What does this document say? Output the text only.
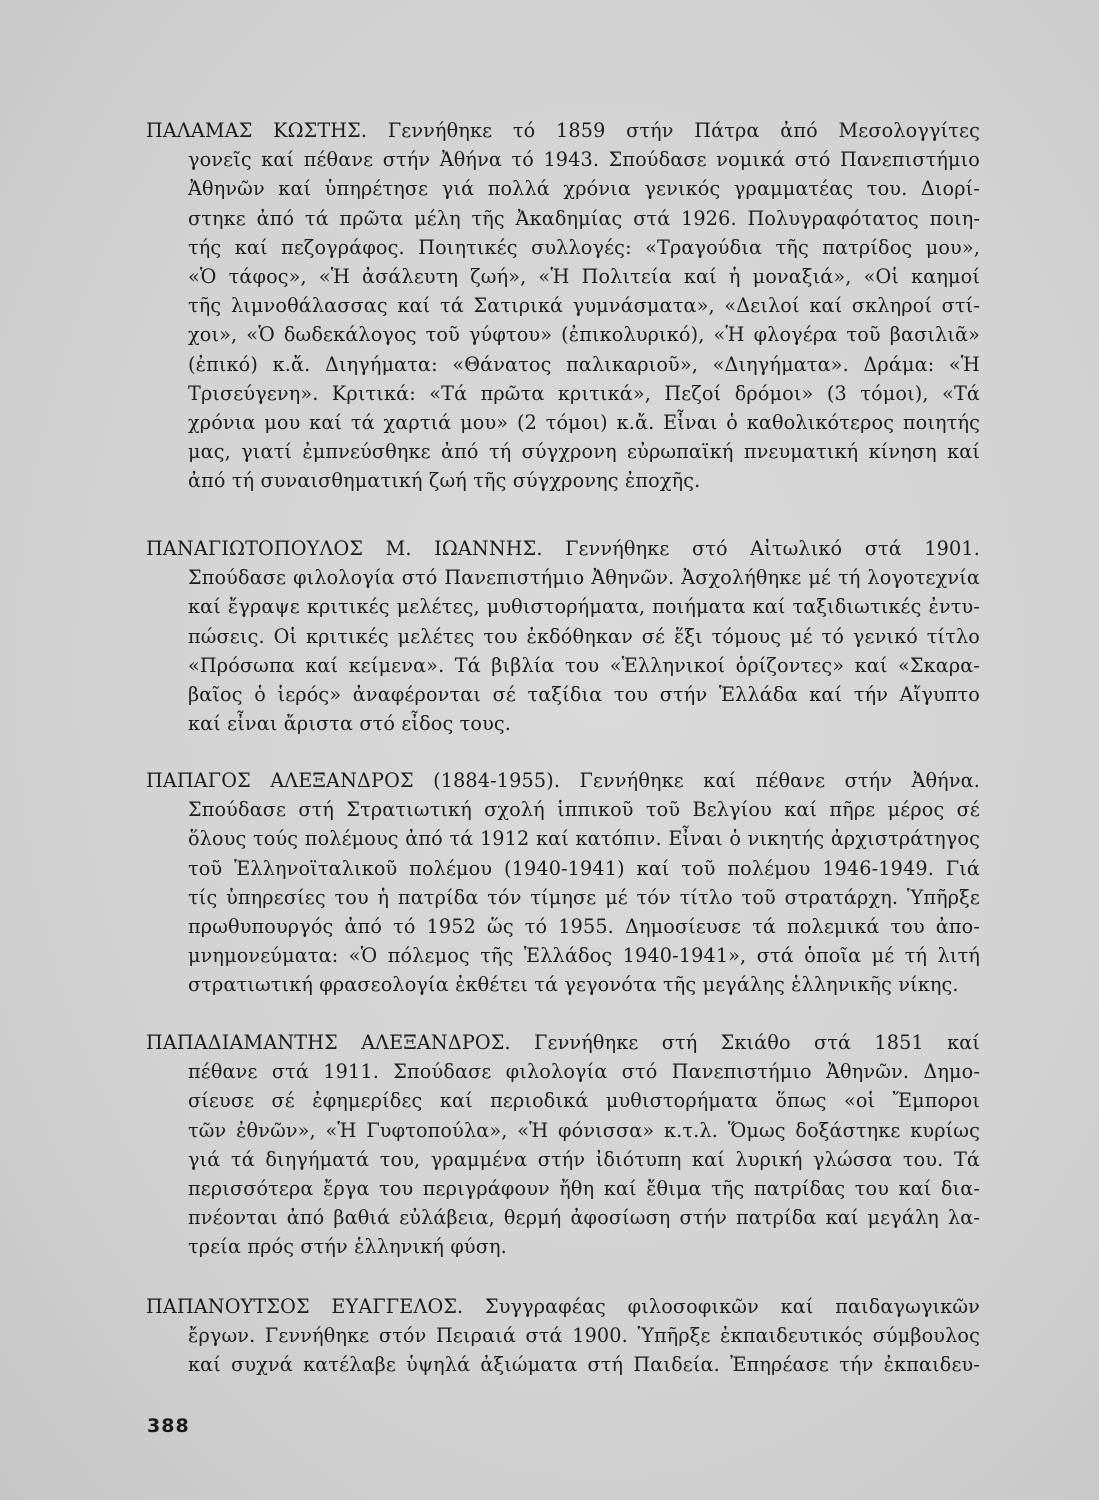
ΠΑΛΑΜΑΣ ΚΩΣΤΗΣ. Γεννήθηκε τό 1859 στήν Πάτρα ἀπό Μεσολογγίτες
γονεῖς καί πέθανε στήν Ἀθήνα τό 1943. Σπούδασε νομικά στό Πανεπιστήμιο
Ἀθηνῶν καί ὑπηρέτησε γιά πολλά χρόνια γενικός γραμματέας του. Διορί-
στηκε ἀπό τά πρῶτα μέλη τῆς Ἀκαδημίας στά 1926. Πολυγραφότατος ποιη-
τής καί πεζογράφος. Ποιητικές συλλογές: «Τραγούδια τῆς πατρίδος μου»,
«Ὁ τάφος», «Ἡ ἀσάλευτη ζωή», «Ἡ Πολιτεία καί ἡ μοναξιά», «Οἱ καημοί
τῆς λιμνοθάλασσας καί τά Σατιρικά γυμνάσματα», «Δειλοί καί σκληροί στί-
χοι», «Ὁ δωδεκάλογος τοῦ γύφτου» (ἐπικολυρικό), «Ἡ φλογέρα τοῦ βασιλιᾶ»
(ἐπικό) κ.ἄ. Διηγήματα: «Θάνατος παλικαριοῦ», «Διηγήματα». Δράμα: «Ἡ
Τρισεύγενη». Κριτικά: «Τά πρῶτα κριτικά», Πεζοί δρόμοι» (3 τόμοι), «Τά
χρόνια μου καί τά χαρτιά μου» (2 τόμοι) κ.ἄ. Εἶναι ὁ καθολικότερος ποιητής
μας, γιατί ἐμπνεύσθηκε ἀπό τή σύγχρονη εὐρωπαϊκή πνευματική κίνηση καί
ἀπό τή συναισθηματική ζωή τῆς σύγχρονης ἐποχῆς.
ΠΑΝΑΓΙΩΤΟΠΟΥΛΟΣ Μ. ΙΩΑΝΝΗΣ. Γεννήθηκε στό Αἰτωλικό στά 1901.
Σπούδασε φιλολογία στό Πανεπιστήμιο Ἀθηνῶν. Ἀσχολήθηκε μέ τή λογοτεχνία
καί ἔγραψε κριτικές μελέτες, μυθιστορήματα, ποιήματα καί ταξιδιωτικές ἐντυ-
πώσεις. Οἱ κριτικές μελέτες του ἐκδόθηκαν σέ ἕξι τόμους μέ τό γενικό τίτλο
«Πρόσωπα καί κείμενα». Τά βιβλία του «Ἑλληνικοί ὁρίζοντες» καί «Σκαρα-
βαῖος ὁ ἱερός» ἀναφέρονται σέ ταξίδια του στήν Ἑλλάδα καί τήν Αἴγυπτο
καί εἶναι ἄριστα στό εἶδος τους.
ΠΑΠΑΓΟΣ ΑΛΕΞΑΝΔΡΟΣ (1884-1955). Γεννήθηκε καί πέθανε στήν Ἀθήνα.
Σπούδασε στή Στρατιωτική σχολή ἱππικοῦ τοῦ Βελγίου καί πῆρε μέρος σέ
ὅλους τούς πολέμους ἀπό τά 1912 καί κατόπιν. Εἶναι ὁ νικητής ἀρχιστράτηγος
τοῦ Ἑλληνοϊταλικοῦ πολέμου (1940-1941) καί τοῦ πολέμου 1946-1949. Γιά
τίς ὑπηρεσίες του ἡ πατρίδα τόν τίμησε μέ τόν τίτλο τοῦ στρατάρχη. Ὑπῆρξε
πρωθυπουργός ἀπό τό 1952 ὥς τό 1955. Δημοσίευσε τά πολεμικά του ἀπο-
μνημονεύματα: «Ὁ πόλεμος τῆς Ἑλλάδος 1940-1941», στά ὁποῖα μέ τή λιτή
στρατιωτική φρασεολογία ἐκθέτει τά γεγονότα τῆς μεγάλης ἑλληνικῆς νίκης.
ΠΑΠΑΔΙΑΜΑΝΤΗΣ ΑΛΕΞΑΝΔΡΟΣ. Γεννήθηκε στή Σκιάθο στά 1851 καί
πέθανε στά 1911. Σπούδασε φιλολογία στό Πανεπιστήμιο Ἀθηνῶν. Δημο-
σίευσε σέ ἐφημερίδες καί περιοδικά μυθιστορήματα ὅπως «οἱ Ἔμποροι
τῶν ἐθνῶν», «Ἡ Γυφτοπούλα», «Ἡ φόνισσα» κ.τ.λ. Ὅμως δοξάστηκε κυρίως
γιά τά διηγήματά του, γραμμένα στήν ἰδιότυπη καί λυρική γλώσσα του. Τά
περισσότερα ἔργα του περιγράφουν ἤθη καί ἔθιμα τῆς πατρίδας του καί δια-
πνέονται ἀπό βαθιά εὐλάβεια, θερμή ἀφοσίωση στήν πατρίδα καί μεγάλη λα-
τρεία πρός στήν ἑλληνική φύση.
ΠΑΠΑΝΟΥΤΣΟΣ ΕΥΑΓΓΕΛΟΣ. Συγγραφέας φιλοσοφικῶν καί παιδαγωγικῶν
ἔργων. Γεννήθηκε στόν Πειραιά στά 1900. Ὑπῆρξε ἐκπαιδευτικός σύμβουλος
καί συχνά κατέλαβε ὑψηλά ἀξιώματα στή Παιδεία. Ἐπηρέασε τήν ἐκπαιδευ-
388
